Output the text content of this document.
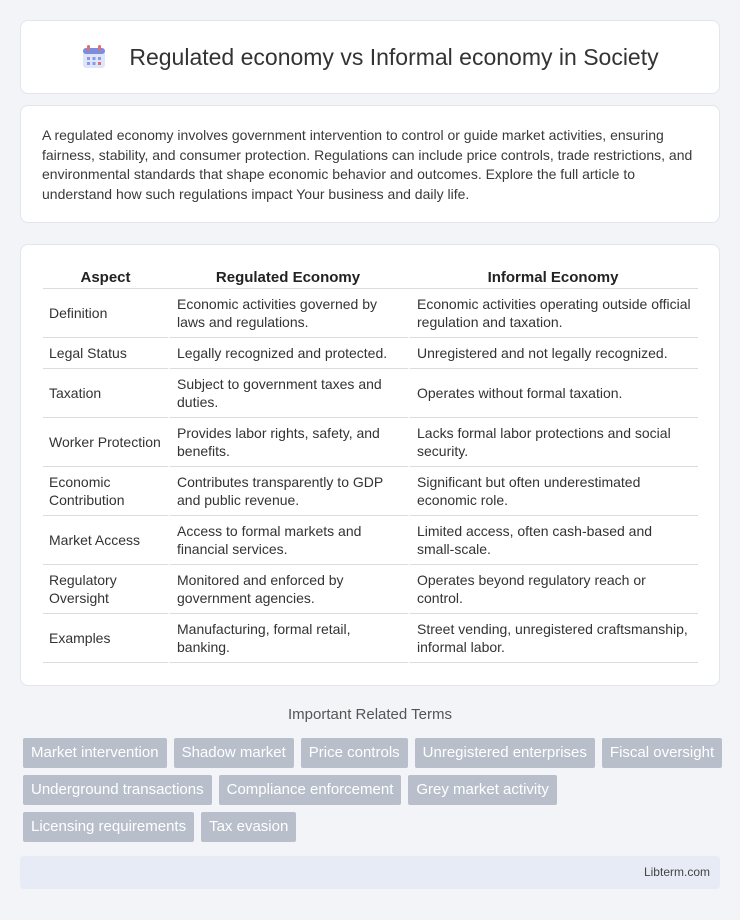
Regulated economy vs Informal economy in Society

A regulated economy involves government intervention to control or guide market activities, ensuring fairness, stability, and consumer protection. Regulations can include price controls, trade restrictions, and environmental standards that shape economic behavior and outcomes. Explore the full article to understand how such regulations impact Your business and daily life.

Aspect	Regulated Economy	Informal Economy
Definition	Economic activities governed by laws and regulations.	Economic activities operating outside official regulation and taxation.
Legal Status	Legally recognized and protected.	Unregistered and not legally recognized.
Taxation	Subject to government taxes and duties.	Operates without formal taxation.
Worker Protection	Provides labor rights, safety, and benefits.	Lacks formal labor protections and social security.
Economic Contribution	Contributes transparently to GDP and public revenue.	Significant but often underestimated economic role.
Market Access	Access to formal markets and financial services.	Limited access, often cash-based and small-scale.
Regulatory Oversight	Monitored and enforced by government agencies.	Operates beyond regulatory reach or control.
Examples	Manufacturing, formal retail, banking.	Street vending, unregistered craftsmanship, informal labor.
Important Related Terms
Market intervention	Shadow market	Price controls	Unregistered enterprises	Fiscal oversight
Underground transactions	Compliance enforcement	Grey market activity
Licensing requirements	Tax evasion
Libterm.com
